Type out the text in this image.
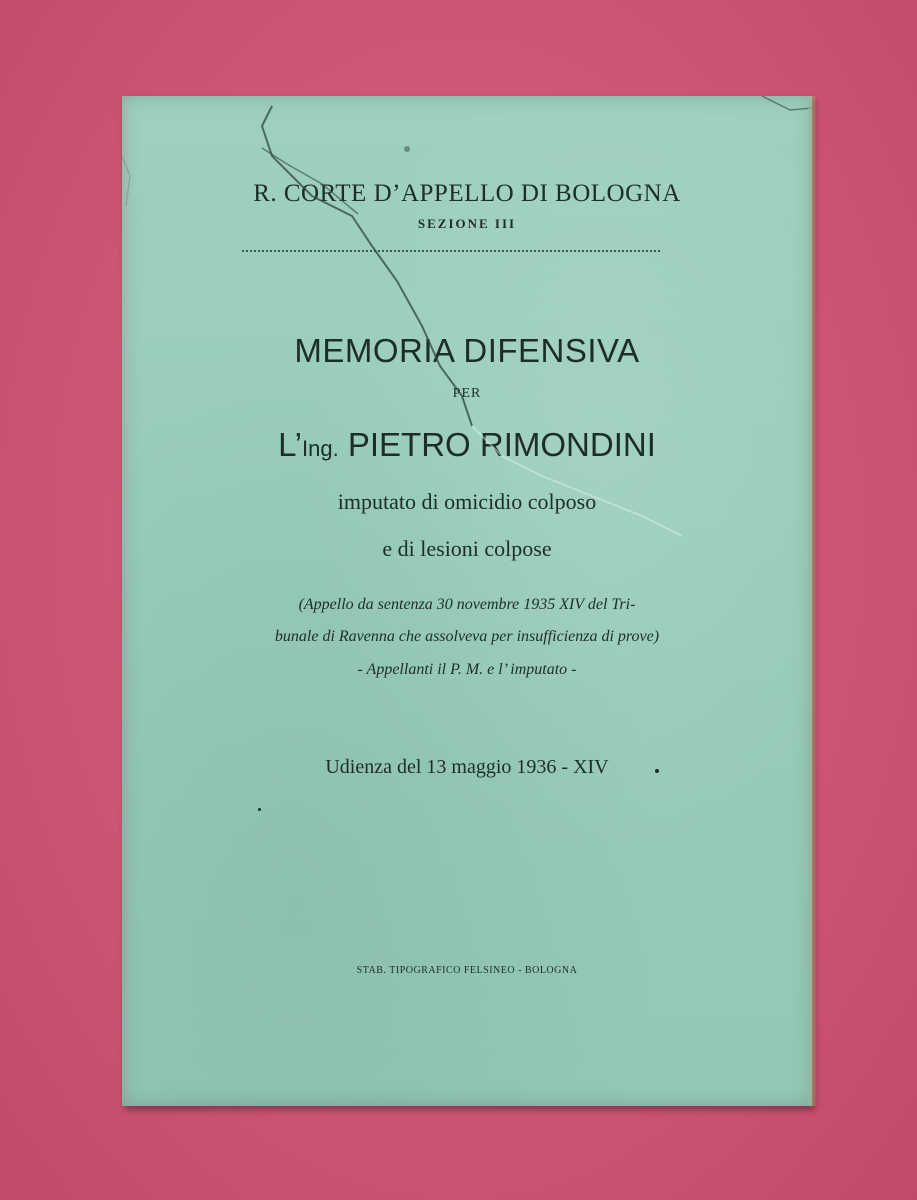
R. CORTE D’APPELLO DI BOLOGNA
SEZIONE III
MEMORIA DIFENSIVA
PER
L’Ing. PIETRO RIMONDINI
imputato di omicidio colposo
e di lesioni colpose
(Appello da sentenza 30 novembre 1935 XIV del Tri-
bunale di Ravenna che assolveva per insufficienza di prove)
- Appellanti il P. M. e l’ imputato -
Udienza del 13 maggio 1936 - XIV
STAB. TIPOGRAFICO FELSINEO - BOLOGNA
